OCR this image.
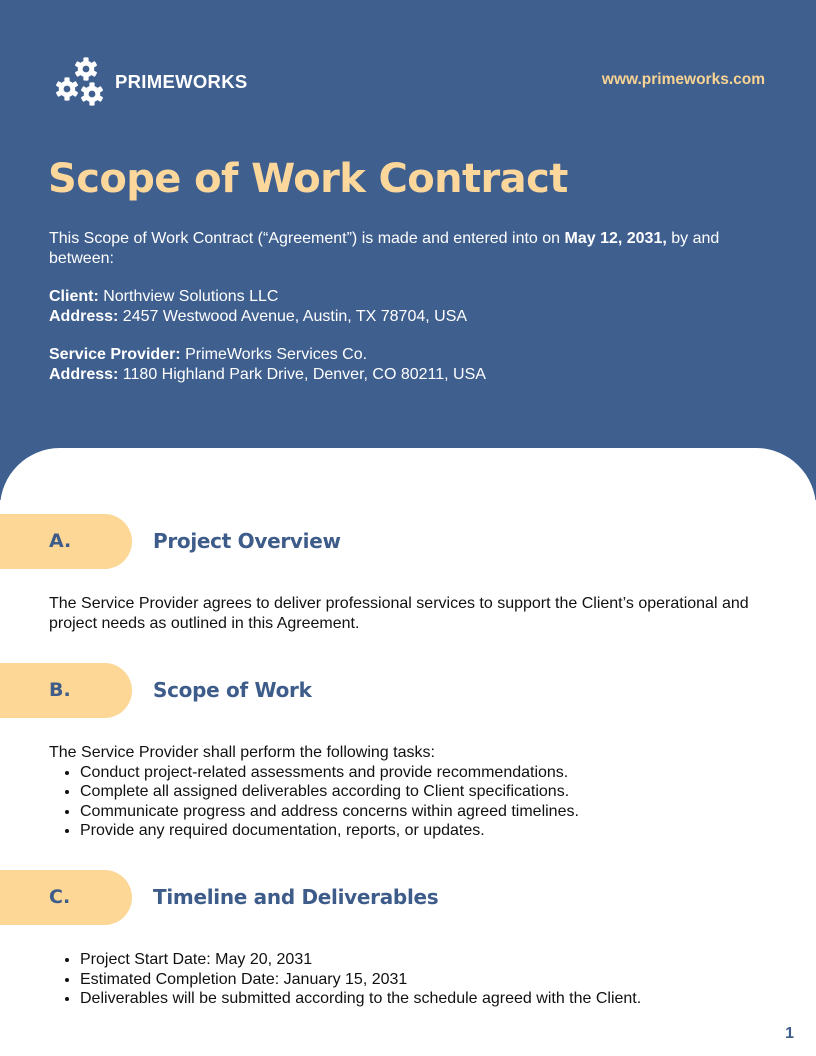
PRIMEWORKS	www.primeworks.com
Scope of Work Contract

This Scope of Work Contract (“Agreement”) is made and entered into on May 12, 2031, by and between:

Client: Northview Solutions LLC

Address: 2457 Westwood Avenue, Austin, TX 78704, USA

Service Provider: PrimeWorks Services Co.

Address: 1180 Highland Park Drive, Denver, CO 80211, USA

A.	Project Overview

The Service Provider agrees to deliver professional services to support the Client’s operational and project needs as outlined in this Agreement.

B.	Scope of Work

The Service Provider shall perform the following tasks:

• Conduct project-related assessments and provide recommendations.
• Complete all assigned deliverables according to Client specifications.
• Communicate progress and address concerns within agreed timelines.
• Provide any required documentation, reports, or updates.
C.	Timeline and Deliverables
• Project Start Date: May 20, 2031
• Estimated Completion Date: January 15, 2031
• Deliverables will be submitted according to the schedule agreed with the Client.
1
